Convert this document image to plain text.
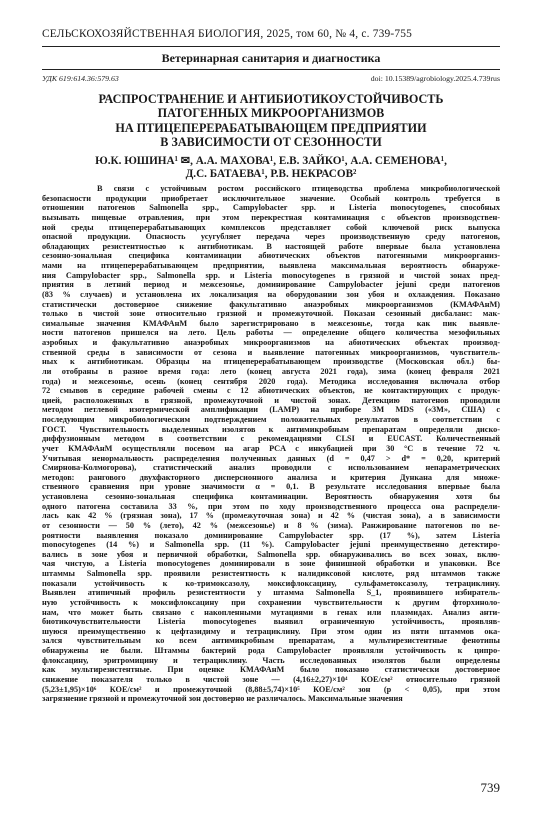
СЕЛЬСКОХОЗЯЙСТВЕННАЯ БИОЛОГИЯ, 2025, том 60, № 4, с. 739-755
Ветеринарная санитария и диагностика
УДК 619:614.36:579.63	doi: 10.15389/agrobiology.2025.4.739rus
РАСПРОСТРАНЕНИЕ И АНТИБИОТИКОУСТОЙЧИВОСТЬ
ПАТОГЕННЫХ МИКРООРГАНИЗМОВ
НА ПТИЦЕПЕРЕРАБАТЫВАЮЩЕМ ПРЕДПРИЯТИИ
В ЗАВИСИМОСТИ ОТ СЕЗОННОСТИ
Ю.К. ЮШИНА¹ ✉, А.А. МАХОВА¹, Е.В. ЗАЙКО¹, А.А. СЕМЕНОВА¹,
Д.С. БАТАЕВА¹, Р.В. НЕКРАСОВ²
В связи с устойчивым ростом российского птицеводства проблема микробиологической
безопасности продукции приобретает исключительное значение. Особый контроль требуется в
отношении патогенов Salmonella spp., Campylobacter spp. и Listeria monocytogenes, способных
вызывать пищевые отравления, при этом перекрестная контаминация с объектов производствен-
ной среды птицеперерабатывающих комплексов представляет собой ключевой риск выпуска
опасной продукции. Опасность усугубляет передача через производственную среду патогенов,
обладающих резистентностью к антибиотикам. В настоящей работе впервые была установлена
сезонно-зональная специфика контаминации абиотических объектов патогенными микроорганиз-
мами на птицеперерабатывающем предприятии, выявлена максимальная вероятность обнаруже-
ния Campylobacter spp., Salmonella spp. и Listeria monocytogenes в грязной и чистой зонах пред-
приятия в летний период и межсезонье, доминирование Campylobacter jejuni среди патогенов
(83 % случаев) и установлена их локализация на оборудовании зон убоя и охлаждения. Показано
статистически достоверное снижение факультативно анаэробных микроорганизмов (КМАФАнМ)
только в чистой зоне относительно грязной и промежуточной. Показан сезонный дисбаланс: мак-
симальные значения КМАФАнМ было зарегистрировано в межсезонье, тогда как пик выявле-
ности патогенов пришелся на лето. Цель работы — определение общего количества мезофильных
аэробных и факультативно анаэробных микроорганизмов на абиотических объектах производ-
ственной среды в зависимости от сезона и выявление патогенных микроорганизмов, чувствитель-
ных к антибиотикам. Образцы на птицеперерабатывающем производстве (Московская обл.) бы-
ли отобраны в разное время года: лето (конец августа 2021 года), зима (конец февраля 2021
года) и межсезонье, осень (конец сентября 2020 года). Методика исследования включала отбор
72 смывов в середине рабочей смены с 12 абиотических объектов, не контактирующих с продук-
цией, расположенных в грязной, промежуточной и чистой зонах. Детекцию патогенов проводили
методом петлевой изотермической амплификации (LAMP) на приборе 3M MDS («3M», США) с
последующим микробиологическим подтверждением положительных результатов в соответствии с
ГОСТ. Чувствительность выделенных изолятов к антимикробным препаратам определяли диско-
диффузионным методом в соответствии с рекомендациями CLSI и EUCAST. Количественный
учет КМАФАнМ осуществляли посевом на агар PCA с инкубацией при 30 °C в течение 72 ч.
Учитывая ненормальность распределения полученных данных (d = 0,47 > d* = 0,20, критерий
Смирнова-Колмогорова), статистический анализ проводили с использованием непараметрических
методов: рангового двухфакторного дисперсионного анализа и критерия Дункана для множе-
ственного сравнения при уровне значимости α = 0,1. В результате исследования впервые была
установлена сезонно-зональная специфика контаминации. Вероятность обнаружения хотя бы
одного патогена составила 33 %, при этом по ходу производственного процесса она распредели-
лась как 42 % (грязная зона), 17 % (промежуточная зона) и 42 % (чистая зона), а в зависимости
от сезонности — 50 % (лето), 42 % (межсезонье) и 8 % (зима). Ранжирование патогенов по ве-
роятности выявления показало доминирование Campylobacter spp. (17 %), затем Listeria
monocytogenes (14 %) и Salmonella spp. (11 %). Campylobacter jejuni преимущественно детектиро-
вались в зоне убоя и первичной обработки, Salmonella spp. обнаруживались во всех зонах, вклю-
чая чистую, а Listeria monocytogenes доминировали в зоне финишной обработки и упаковки. Все
штаммы Salmonella spp. проявили резистентность к налидиксовой кислоте, ряд штаммов также
показали устойчивость к ко-тримоксазолу, моксифлоксацину, сульфаметоксазолу, тетрациклину.
Выявлен атипичный профиль резистентности у штамма Salmonella S_1, проявившего избиратель-
ную устойчивость к моксифлоксацину при сохранении чувствительности к другим фторхиноло-
нам, что может быть связано с накопленными мутациями в генах или плазмидах. Анализ анти-
биотикочувствительности Listeria monocytogenes выявил ограниченную устойчивость, проявляв-
шуюся преимущественно к цефтазидиму и тетрациклину. При этом один из пяти штаммов ока-
зался чувствительным ко всем антимикробным препаратам, а мультирезистентные фенотипы
обнаружены не были. Штаммы бактерий рода Campylobacter проявляли устойчивость к ципро-
флоксацину, эритромицину и тетрациклину. Часть исследованных изолятов были определены
как мультирезистентные. При оценке КМАФАнМ было показано статистически достоверное
снижение показателя только в чистой зоне — (4,16±2,27)×10⁴ КОЕ/см² относительно грязной
(5,23±1,95)×10⁶ КОЕ/см² и промежуточной (8,88±5,74)×10⁵ КОЕ/см² зон (p < 0,05), при этом
загрязнение грязной и промежуточной зон достоверно не различалось. Максимальные значения
739
